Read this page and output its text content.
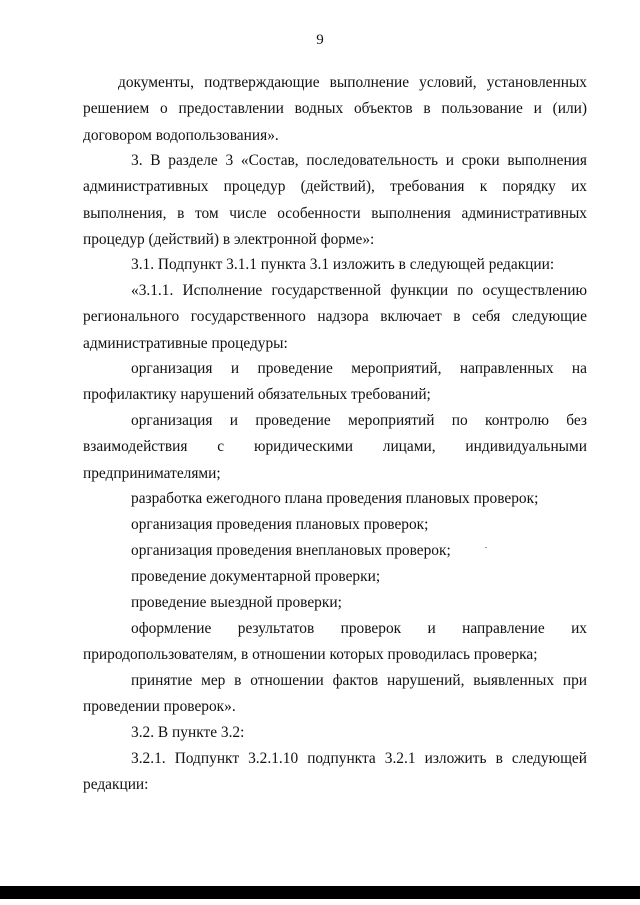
9
документы, подтверждающие выполнение условий, установленных
решением о предоставлении водных объектов в пользование и (или)
договором водопользования».
3. В разделе 3 «Состав, последовательность и сроки выполнения
административных процедур (действий), требования к порядку их
выполнения, в том числе особенности выполнения административных
процедур (действий) в электронной форме»:
3.1. Подпункт 3.1.1 пункта 3.1 изложить в следующей редакции:
«3.1.1. Исполнение государственной функции по осуществлению
регионального государственного надзора включает в себя следующие
административные процедуры:
организация и проведение мероприятий, направленных на
профилактику нарушений обязательных требований;
организация и проведение мероприятий по контролю без
взаимодействия с юридическими лицами, индивидуальными
предпринимателями;
разработка ежегодного плана проведения плановых проверок;
организация проведения плановых проверок;
организация проведения внеплановых проверок;
проведение документарной проверки;
проведение выездной проверки;
оформление результатов проверок и направление их
природопользователям, в отношении которых проводилась проверка;
принятие мер в отношении фактов нарушений, выявленных при
проведении проверок».
3.2. В пункте 3.2:
3.2.1. Подпункт 3.2.1.10 подпункта 3.2.1 изложить в следующей
редакции:
